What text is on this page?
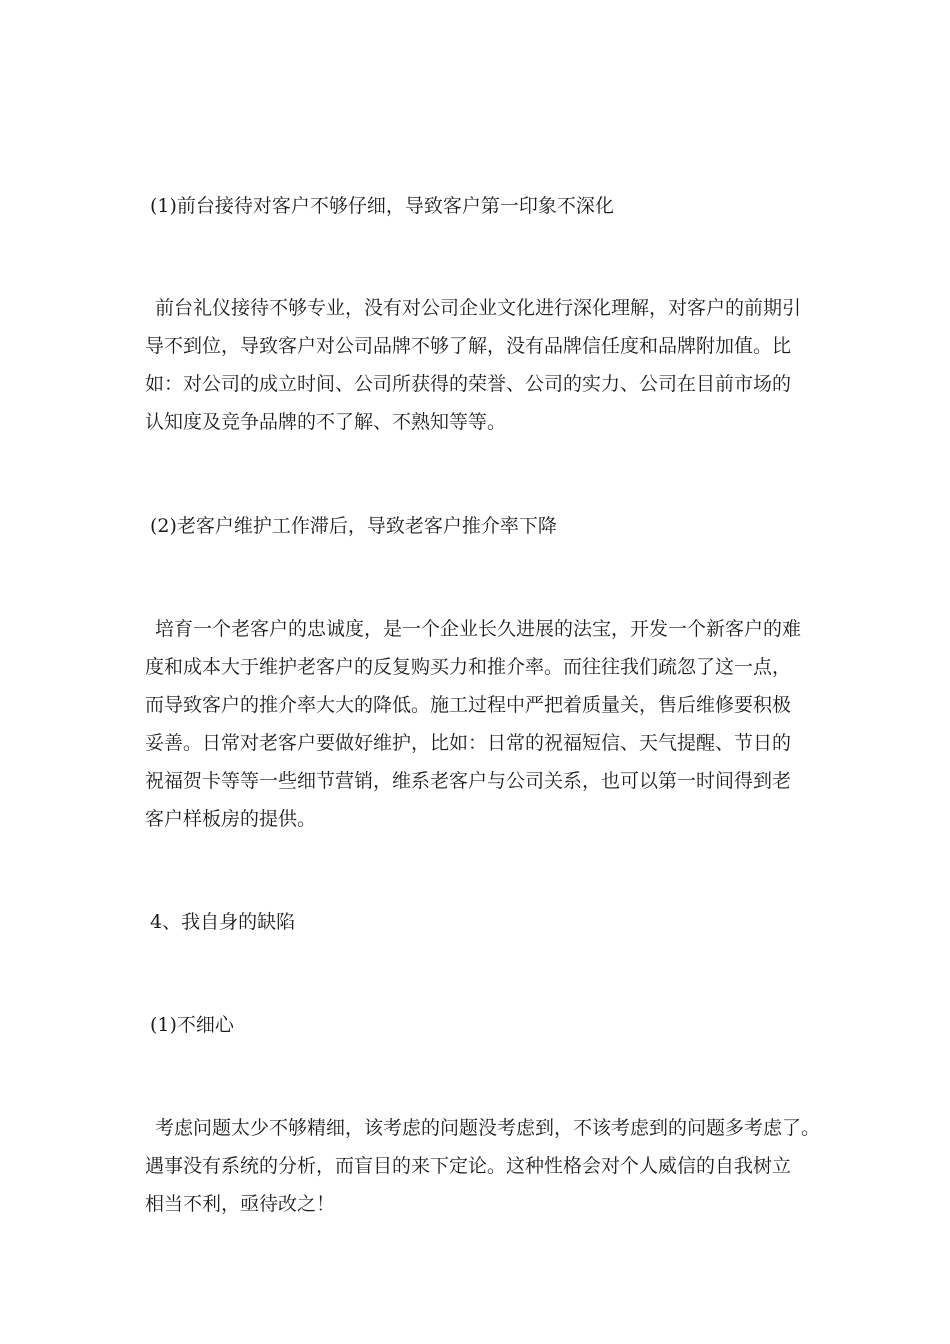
(1)前台接待对客户不够仔细，导致客户第一印象不深化
前台礼仪接待不够专业，没有对公司企业文化进行深化理解，对客户的前期引
导不到位，导致客户对公司品牌不够了解，没有品牌信任度和品牌附加值。比
如：对公司的成立时间、公司所获得的荣誉、公司的实力、公司在目前市场的
认知度及竞争品牌的不了解、不熟知等等。
(2)老客户维护工作滞后，导致老客户推介率下降
培育一个老客户的忠诚度，是一个企业长久进展的法宝，开发一个新客户的难
度和成本大于维护老客户的反复购买力和推介率。而往往我们疏忽了这一点，
而导致客户的推介率大大的降低。施工过程中严把着质量关，售后维修要积极
妥善。日常对老客户要做好维护，比如：日常的祝福短信、天气提醒、节日的
祝福贺卡等等一些细节营销，维系老客户与公司关系，也可以第一时间得到老
客户样板房的提供。
4、我自身的缺陷
(1)不细心
考虑问题太少不够精细，该考虑的问题没考虑到，不该考虑到的问题多考虑了。
遇事没有系统的分析，而盲目的来下定论。这种性格会对个人威信的自我树立
相当不利，亟待改之！
